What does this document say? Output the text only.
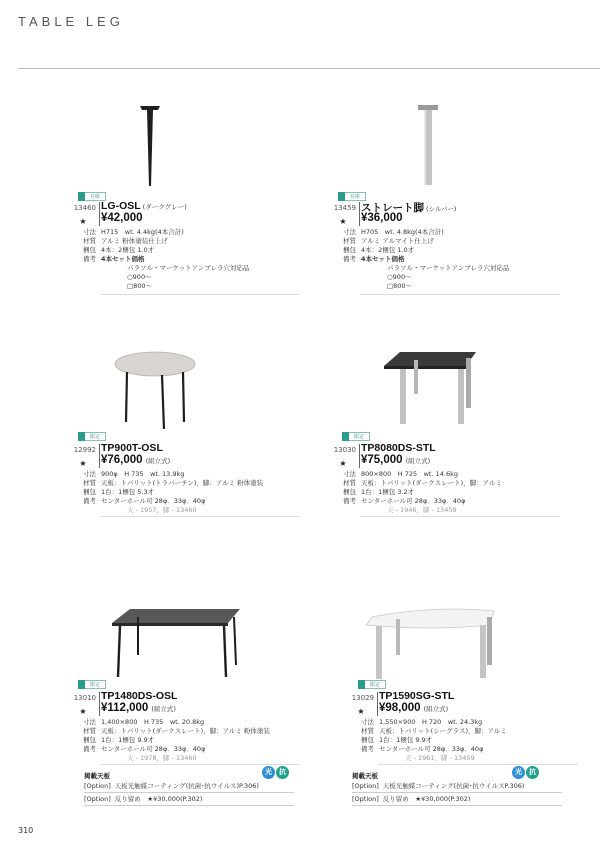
TABLE LEG
在庫
13460
★
LG-OSL (ダークグレー)
¥42,000
寸法 H715　wt. 4.4kg(4本合計)
材質 アルミ 粉体塗装仕上げ
梱包 4本：2梱包 1.0才
備考 4本セット価格
パラソル・マーケットアンブレラ穴対応品
○900～
□800～
在庫
13459
★
ストレート脚 (シルバー)
¥36,000
寸法 H705　wt. 4.8kg(4本合計)
材質 アルミ アルマイト仕上げ
梱包 4本：2梱包 1.0才
備考 4本セット価格
パラソル・マーケットアンブレラ穴対応品
○900～
□800～
限定
12992
★
TP900T-OSL
¥76,000 (組立式)
寸法 900φ　H 735　wt. 13.9kg
材質 天板：トバリット(トラバーチン)，脚：アルミ 粉体塗装
梱包 1台：1梱包 5.3才
備考 センターホール可 28φ．33φ．40φ
天 - 1957，脚 - 13460
限定
13030
★
TP8080DS-STL
¥75,000 (組立式)
寸法 800×800　H 725　wt. 14.6kg
材質 天板：トバリット(ダークスレート)，脚：アルミ
梱包 1台：1梱包 3.2才
備考 センターホール可 28φ．33φ．40φ
天 - 1946，脚 - 13459
限定
13010
★
TP1480DS-OSL
¥112,000 (組立式)
寸法 1,400×800　H 735　wt. 20.8kg
材質 天板：トバリット(ダークスレート)，脚：アルミ 粉体塗装
梱包 1台：1梱包 9.9才
備考 センターホール可 28φ．33φ．40φ
天 - 1978，脚 - 13460
限定
13029
★
TP1590SG-STL
¥98,000 (組立式)
寸法 1,550×900　H 720　wt. 24.3kg
材質 天板：トバリット(シーグラス)，脚：アルミ
梱包 1台：1梱包 9.9才
備考 センターホール可 28φ．33φ．40φ
天 - 1961，脚 - 13459
掲載天板
[Option] 天板光触媒コーティング(抗菌･抗ウイルス)P.306)
[Option] 反り留め　★¥30,000(P.302)
光	抗	掲載天板
[Option] 天板光触媒コーティング(抗菌･抗ウイルスP.306)
[Option] 反り留め　★¥30,000(P.302)
光	抗
310
